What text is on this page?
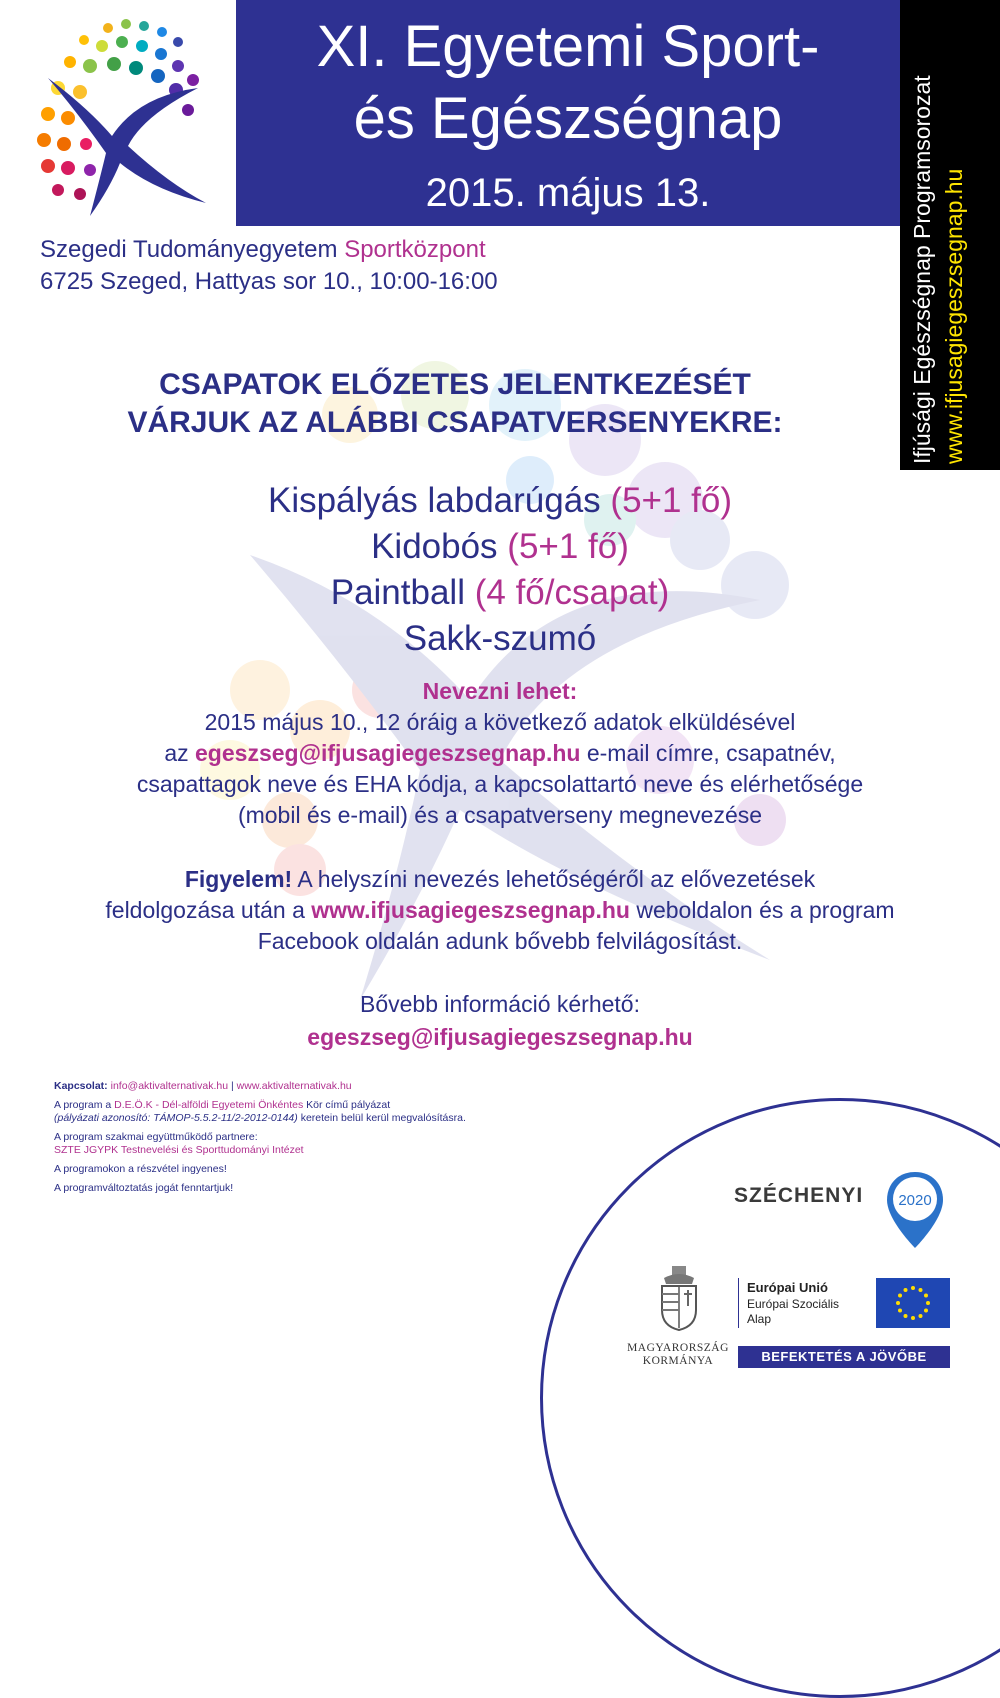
XI. Egyetemi Sport-
és Egészségnap
2015. május 13.	Ifjúsági Egészségnap Programsorozat www.ifjusagiegeszsegnap.hu
Szegedi Tudományegyetem Sportközpont
6725 Szeged, Hattyas sor 10., 10:00-16:00
CSAPATOK ELŐZETES JELENTKEZÉSÉT
VÁRJUK AZ ALÁBBI CSAPATVERSENYEKRE:
Kispályás labdarúgás (5+1 fő)
Kidobós (5+1 fő)
Paintball (4 fő/csapat)
Sakk-szumó
Nevezni lehet:
2015 május 10., 12 óráig a következő adatok elküldésével
az egeszseg@ifjusagiegeszsegnap.hu e-mail címre, csapatnév,
csapattagok neve és EHA kódja, a kapcsolattartó neve és elérhetősége
(mobil és e-mail) és a csapatverseny megnevezése
Figyelem! A helyszíni nevezés lehetőségéről az elővezetések
feldolgozása után a www.ifjusagiegeszsegnap.hu weboldalon és a program
Facebook oldalán adunk bővebb felvilágosítást.
Bővebb információ kérhető:
egeszseg@ifjusagiegeszsegnap.hu

Kapcsolat: info@aktivalternativak.hu | www.aktivalternativak.hu

A program a D.E.Ö.K - Dél-alföldi Egyetemi Önkéntes Kör című pályázat
(pályázati azonosító: TÁMOP-5.5.2-11/2-2012-0144) keretein belül kerül megvalósításra.

A program szakmai együttműködő partnere:
SZTE JGYPK Testnevelési és Sporttudományi Intézet

A programokon a részvétel ingyenes!

A programváltoztatás jogát fenntartjuk!	SZÉCHENYI 2020
MAGYARORSZÁG
KORMÁNYA
Európai Unió
Európai Szociális
Alap
BEFEKTETÉS A JÖVŐBE
